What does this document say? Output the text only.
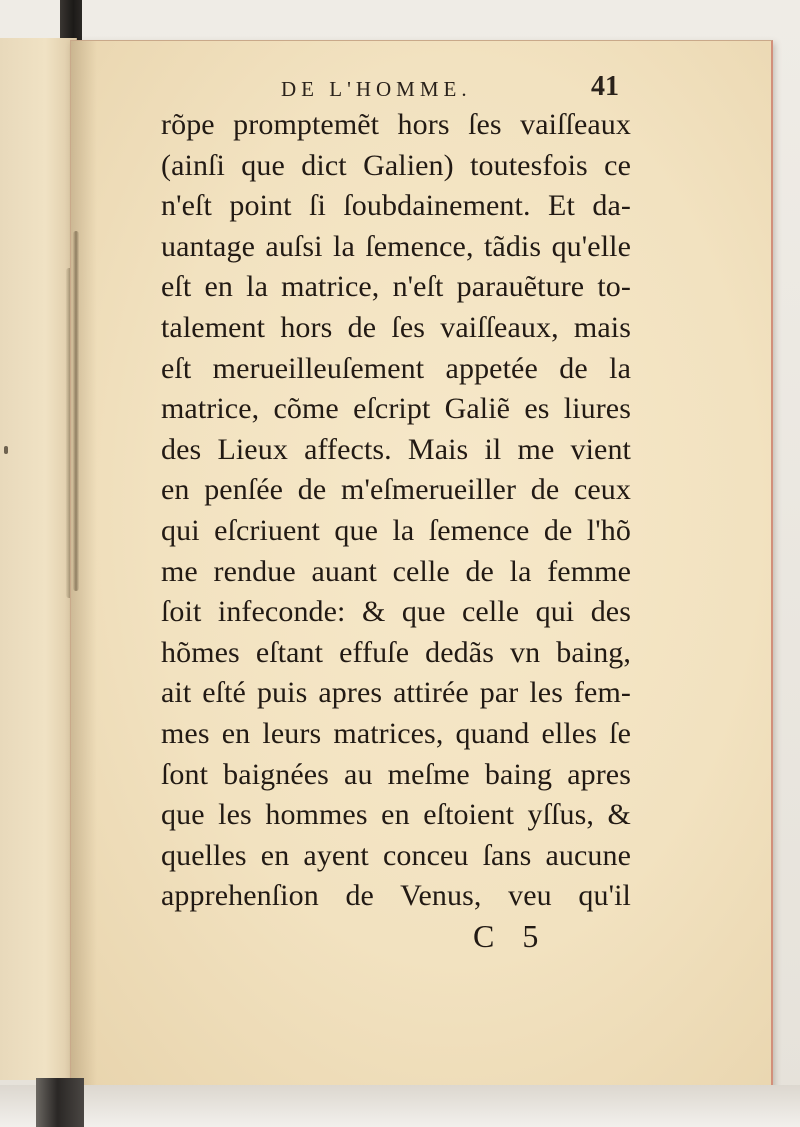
DE L'HOMME.	41
rõpe promptemẽt hors ſes vaiſſeaux
(ainſi que dict Galien) toutesfois ce
n'eſt point ſi ſoubdainement. Et da-
uantage auſsi la ſemence, tãdis qu'elle
eſt en la matrice, n'eſt parauẽture to-
talement hors de ſes vaiſſeaux, mais
eſt merueilleuſement appetée de la
matrice, cõme eſcript Galiẽ es liures
des Lieux affects. Mais il me vient
en penſée de m'eſmerueiller de ceux
qui eſcriuent que la ſemence de l'hõ
me rendue auant celle de la femme
ſoit infeconde: & que celle qui des
hõmes eſtant effuſe dedãs vn baing,
ait eſté puis apres attirée par les fem-
mes en leurs matrices, quand elles ſe
ſont baignées au meſme baing apres
que les hommes en eſtoient yſſus, &
quelles en ayent conceu ſans aucune
apprehenſion de Venus, veu qu'il
C 5
